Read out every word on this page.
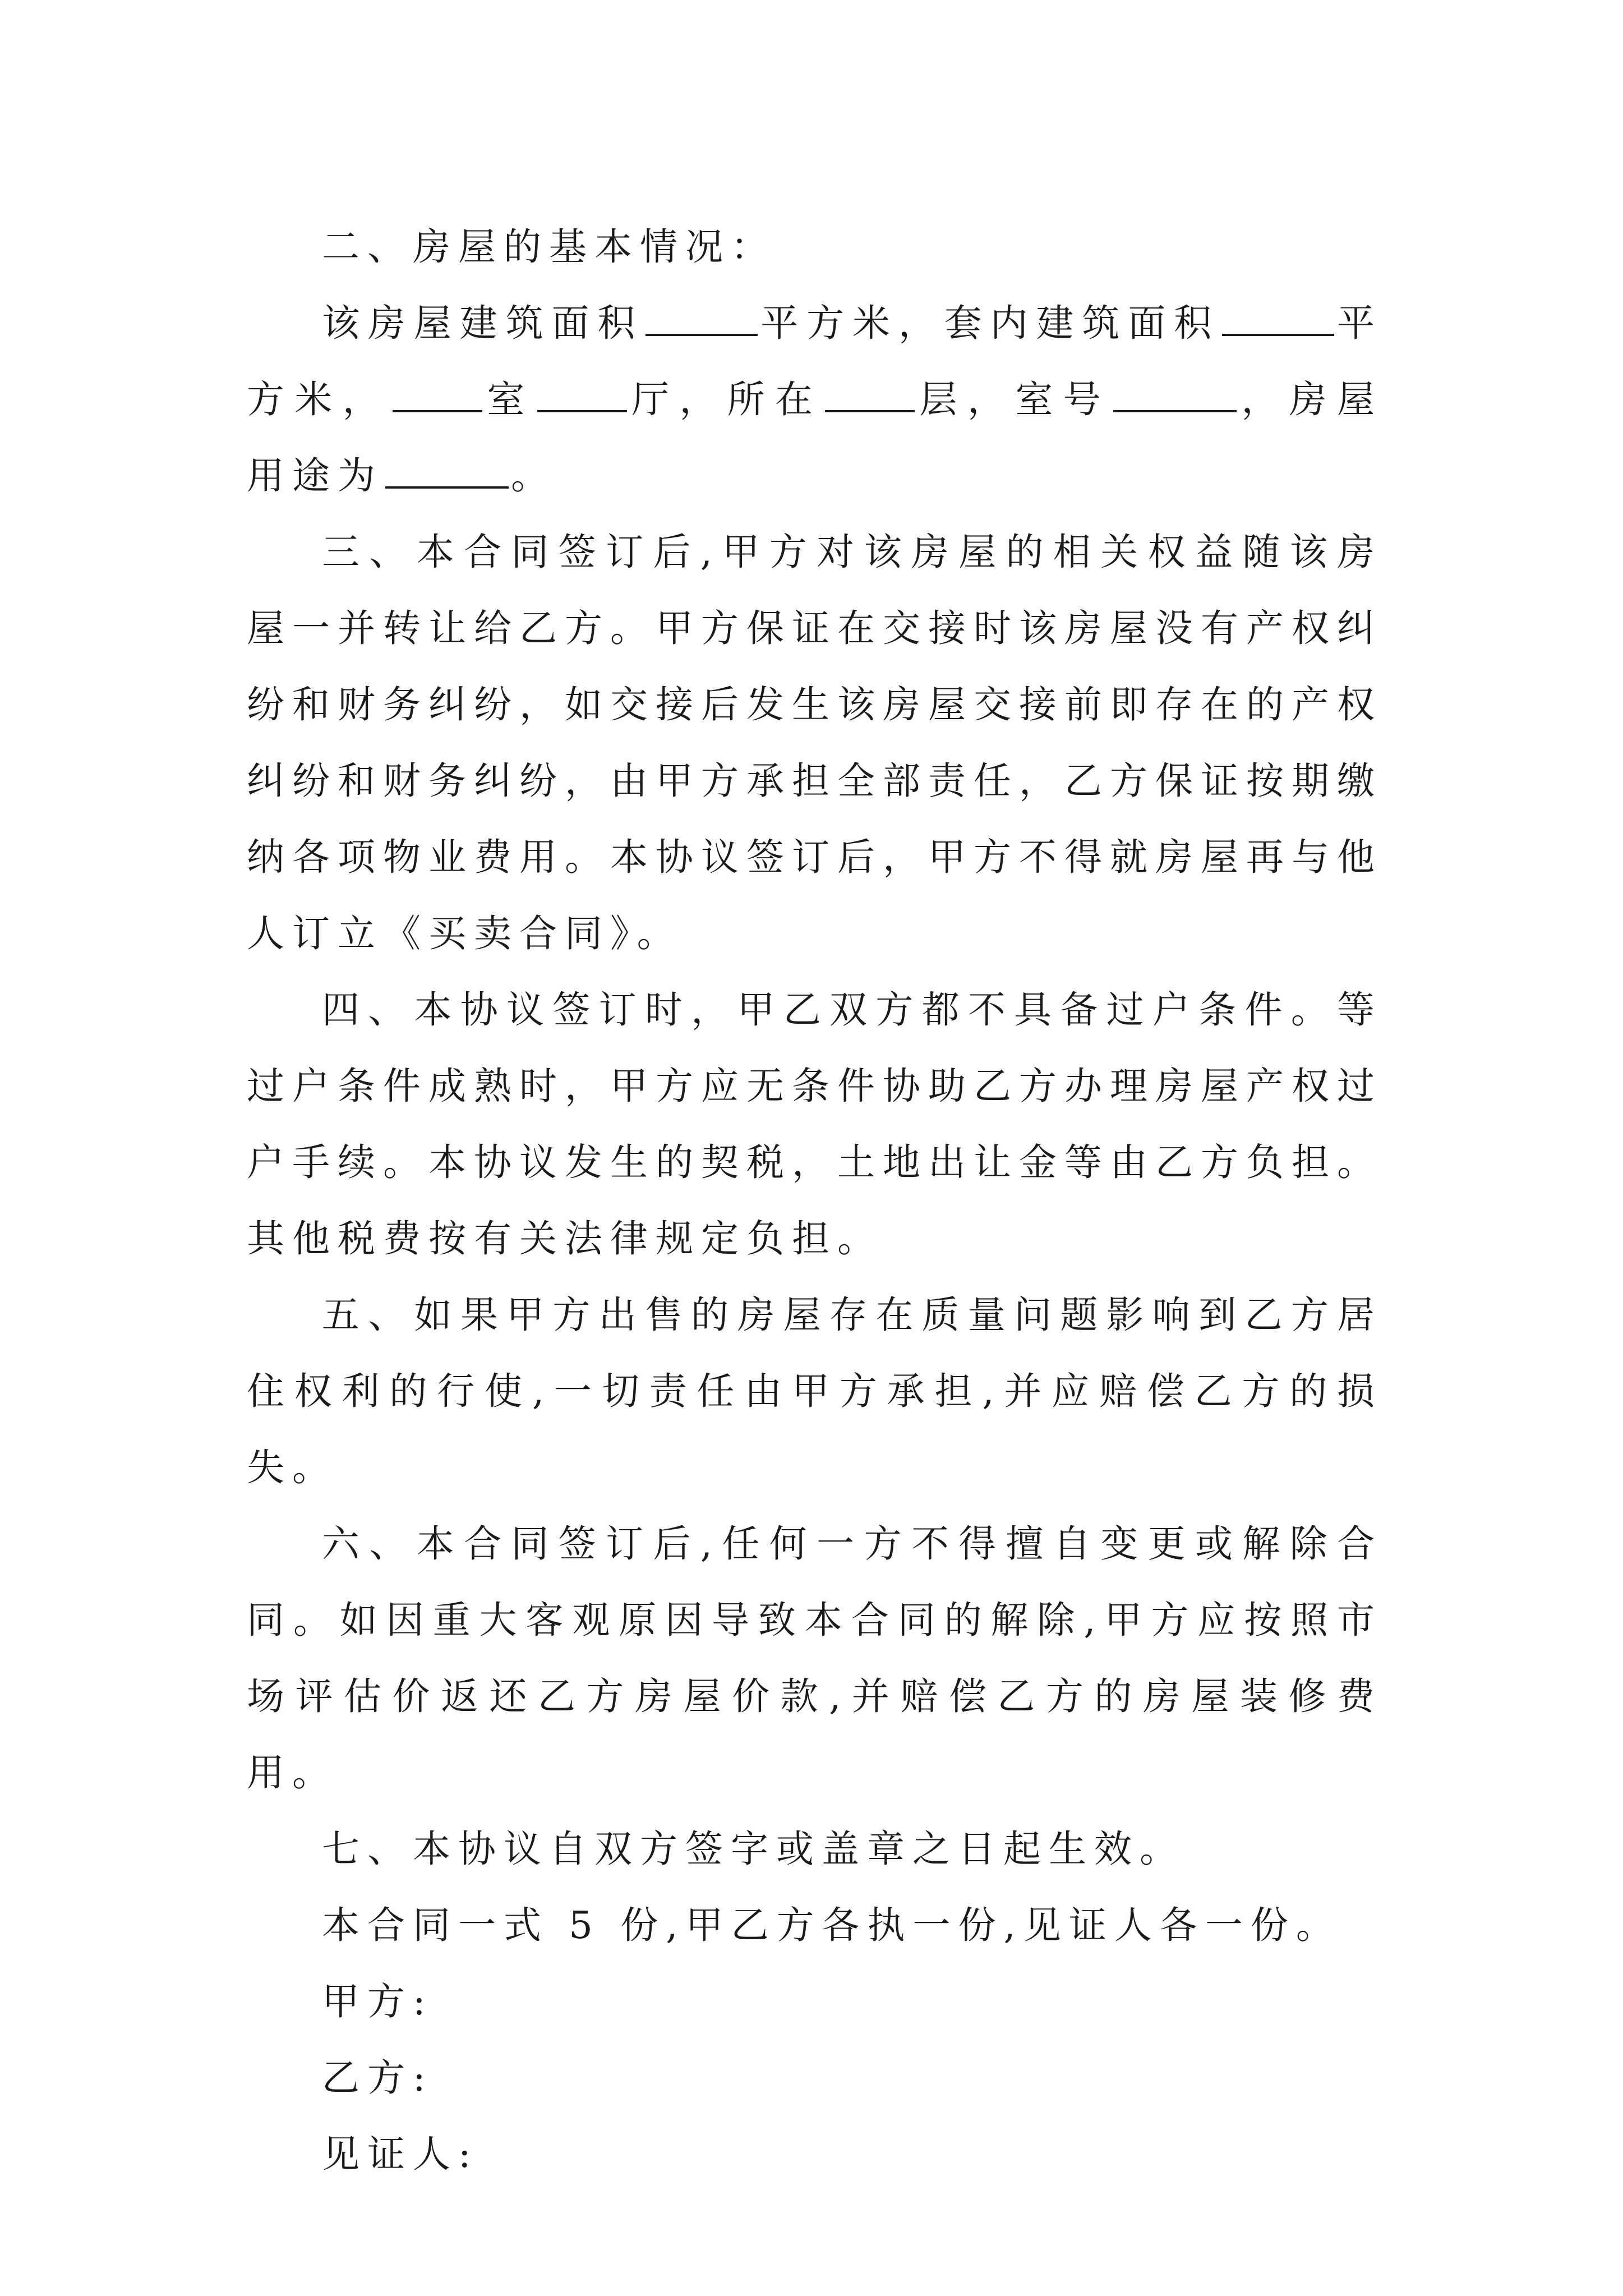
二、房屋的基本情况：

该房屋建筑面积	平方米，套内建筑面积	平方米，	室	厅，所在	层，室号	，房屋用途为	。

三、本合同签订后,甲方对该房屋的相关权益随该房屋一并转让给乙方。甲方保证在交接时该房屋没有产权纠纷和财务纠纷，如交接后发生该房屋交接前即存在的产权纠纷和财务纠纷，由甲方承担全部责任，乙方保证按期缴纳各项物业费用。本协议签订后，甲方不得就房屋再与他人订立《买卖合同》。

四、本协议签订时，甲乙双方都不具备过户条件。等过户条件成熟时，甲方应无条件协助乙方办理房屋产权过户手续。本协议发生的契税，土地出让金等由乙方负担。其他税费按有关法律规定负担。

五、如果甲方出售的房屋存在质量问题影响到乙方居住权利的行使,一切责任由甲方承担,并应赔偿乙方的损失。

六、本合同签订后,任何一方不得擅自变更或解除合同。如因重大客观原因导致本合同的解除,甲方应按照市场评估价返还乙方房屋价款,并赔偿乙方的房屋装修费用。

七、本协议自双方签字或盖章之日起生效。

本合同一式 5 份,甲乙方各执一份,见证人各一份。

甲方:

乙方:

见证人:
